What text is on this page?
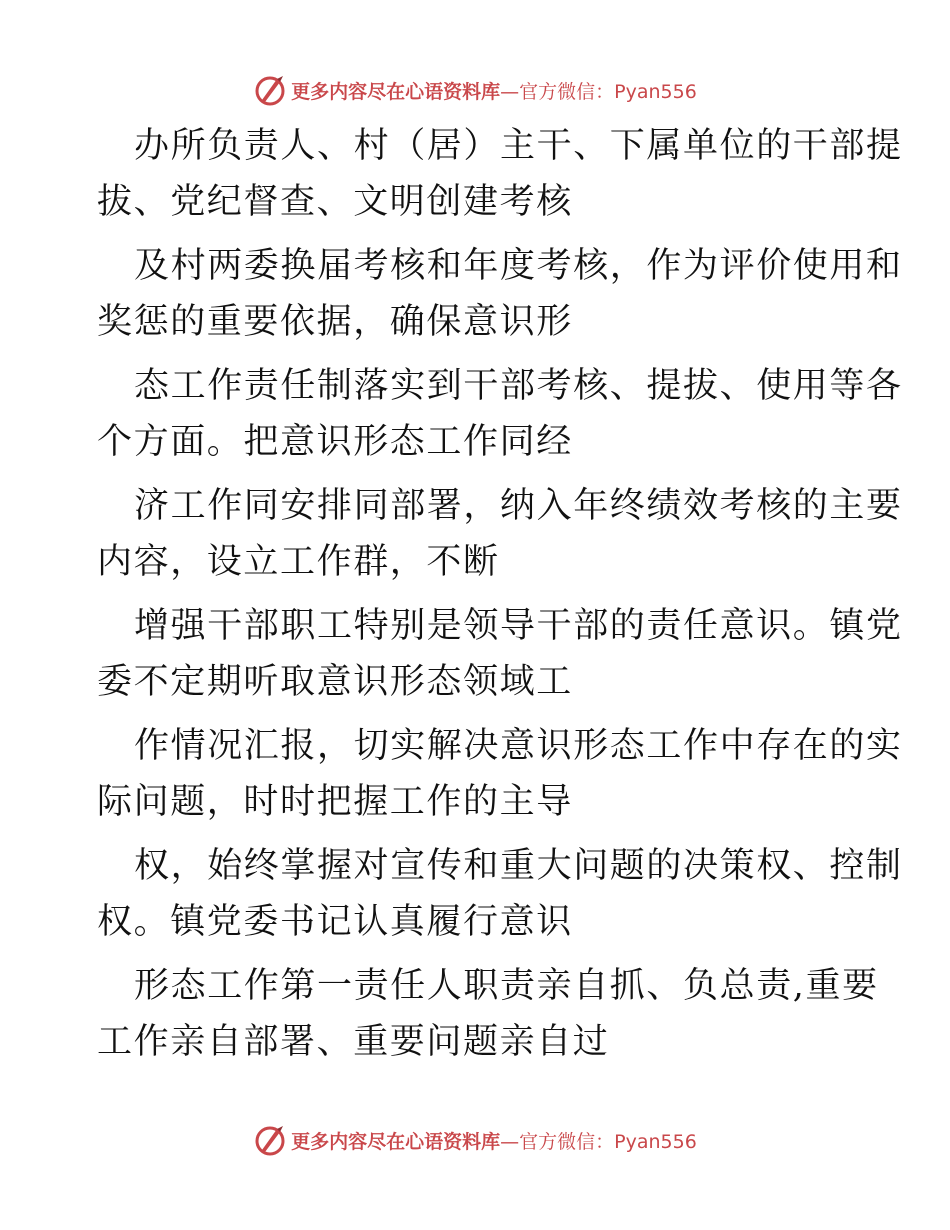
更多内容尽在心语资料库—官方微信：Pyan556
办所负责人、村（居）主干、下属单位的干部提
拔、党纪督查、文明创建考核
及村两委换届考核和年度考核，作为评价使用和
奖惩的重要依据，确保意识形
态工作责任制落实到干部考核、提拔、使用等各
个方面。把意识形态工作同经
济工作同安排同部署，纳入年终绩效考核的主要
内容，设立工作群，不断
增强干部职工特别是领导干部的责任意识。镇党
委不定期听取意识形态领域工
作情况汇报，切实解决意识形态工作中存在的实
际问题，时时把握工作的主导
权，始终掌握对宣传和重大问题的决策权、控制
权。镇党委书记认真履行意识
形态工作第一责任人职责亲自抓、负总责,重要
工作亲自部署、重要问题亲自过
更多内容尽在心语资料库—官方微信：Pyan556
